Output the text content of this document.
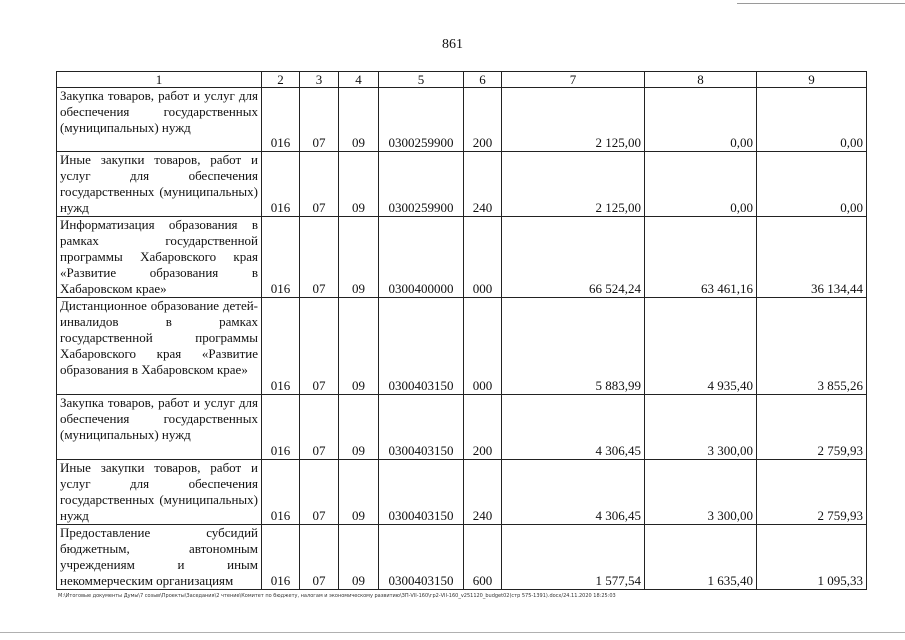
861
1	2	3	4	5	6	7	8	9
Закупка товаров, работ и услуг для обеспечения государственных (муниципальных) нужд	016	07	09	0300259900	200	2 125,00	0,00	0,00
Иные закупки товаров, работ и услуг для обеспечения государственных (муниципальных) нужд	016	07	09	0300259900	240	2 125,00	0,00	0,00
Информатизация образования в рамках государственной программы Хабаровского края «Развитие образования в Хабаровском крае»	016	07	09	0300400000	000	66 524,24	63 461,16	36 134,44
Дистанционное образование детей-инвалидов в рамках государственной программы Хабаровского края «Развитие образования в Хабаровском крае»	016	07	09	0300403150	000	5 883,99	4 935,40	3 855,26
Закупка товаров, работ и услуг для обеспечения государственных (муниципальных) нужд	016	07	09	0300403150	200	4 306,45	3 300,00	2 759,93
Иные закупки товаров, работ и услуг для обеспечения государственных (муниципальных) нужд	016	07	09	0300403150	240	4 306,45	3 300,00	2 759,93
Предоставление субсидий бюджетным, автономным учреждениям и иным некоммерческим организациям	016	07	09	0300403150	600	1 577,54	1 635,40	1 095,33
M:\Итоговые документы Думы\7 созыв\Проекты\Заседания\2 чтение\Комитет по бюджету, налогам и экономическому развитию\ЗП-VII-160\гр2-VII-160_v251120_budget02(стр 575-1391).docx/24.11.2020 18:25:03
